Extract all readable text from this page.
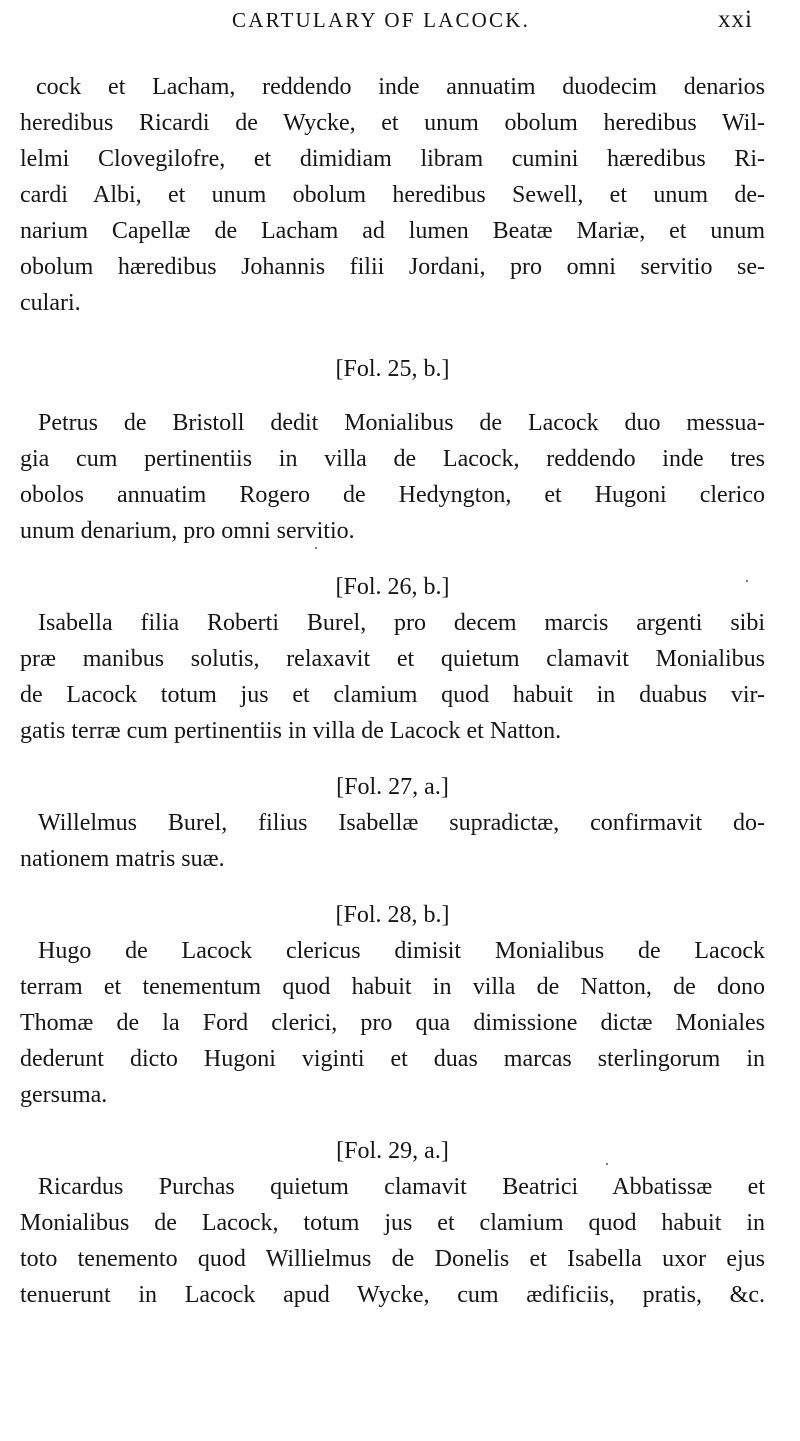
CARTULARY OF LACOCK.	xxi
cock et Lacham, reddendo inde annuatim duodecim denarios
heredibus Ricardi de Wycke, et unum obolum heredibus Wil-
lelmi Clovegilofre, et dimidiam libram cumini hæredibus Ri-
cardi Albi, et unum obolum heredibus Sewell, et unum de-
narium Capellæ de Lacham ad lumen Beatæ Mariæ, et unum
obolum hæredibus Johannis filii Jordani, pro omni servitio se-
culari.
[Fol. 25, b.]
Petrus de Bristoll dedit Monialibus de Lacock duo messua-
gia cum pertinentiis in villa de Lacock, reddendo inde tres
obolos annuatim Rogero de Hedyngton, et Hugoni clerico
unum denarium, pro omni servitio.
[Fol. 26, b.]
Isabella filia Roberti Burel, pro decem marcis argenti sibi
præ manibus solutis, relaxavit et quietum clamavit Monialibus
de Lacock totum jus et clamium quod habuit in duabus vir-
gatis terræ cum pertinentiis in villa de Lacock et Natton.
[Fol. 27, a.]
Willelmus Burel, filius Isabellæ supradictæ, confirmavit do-
nationem matris suæ.
[Fol. 28, b.]
Hugo de Lacock clericus dimisit Monialibus de Lacock
terram et tenementum quod habuit in villa de Natton, de dono
Thomæ de la Ford clerici, pro qua dimissione dictæ Moniales
dederunt dicto Hugoni viginti et duas marcas sterlingorum in
gersuma.
[Fol. 29, a.]
Ricardus Purchas quietum clamavit Beatrici Abbatissæ et
Monialibus de Lacock, totum jus et clamium quod habuit in
toto tenemento quod Willielmus de Donelis et Isabella uxor ejus
tenuerunt in Lacock apud Wycke, cum ædificiis, pratis, &c.
